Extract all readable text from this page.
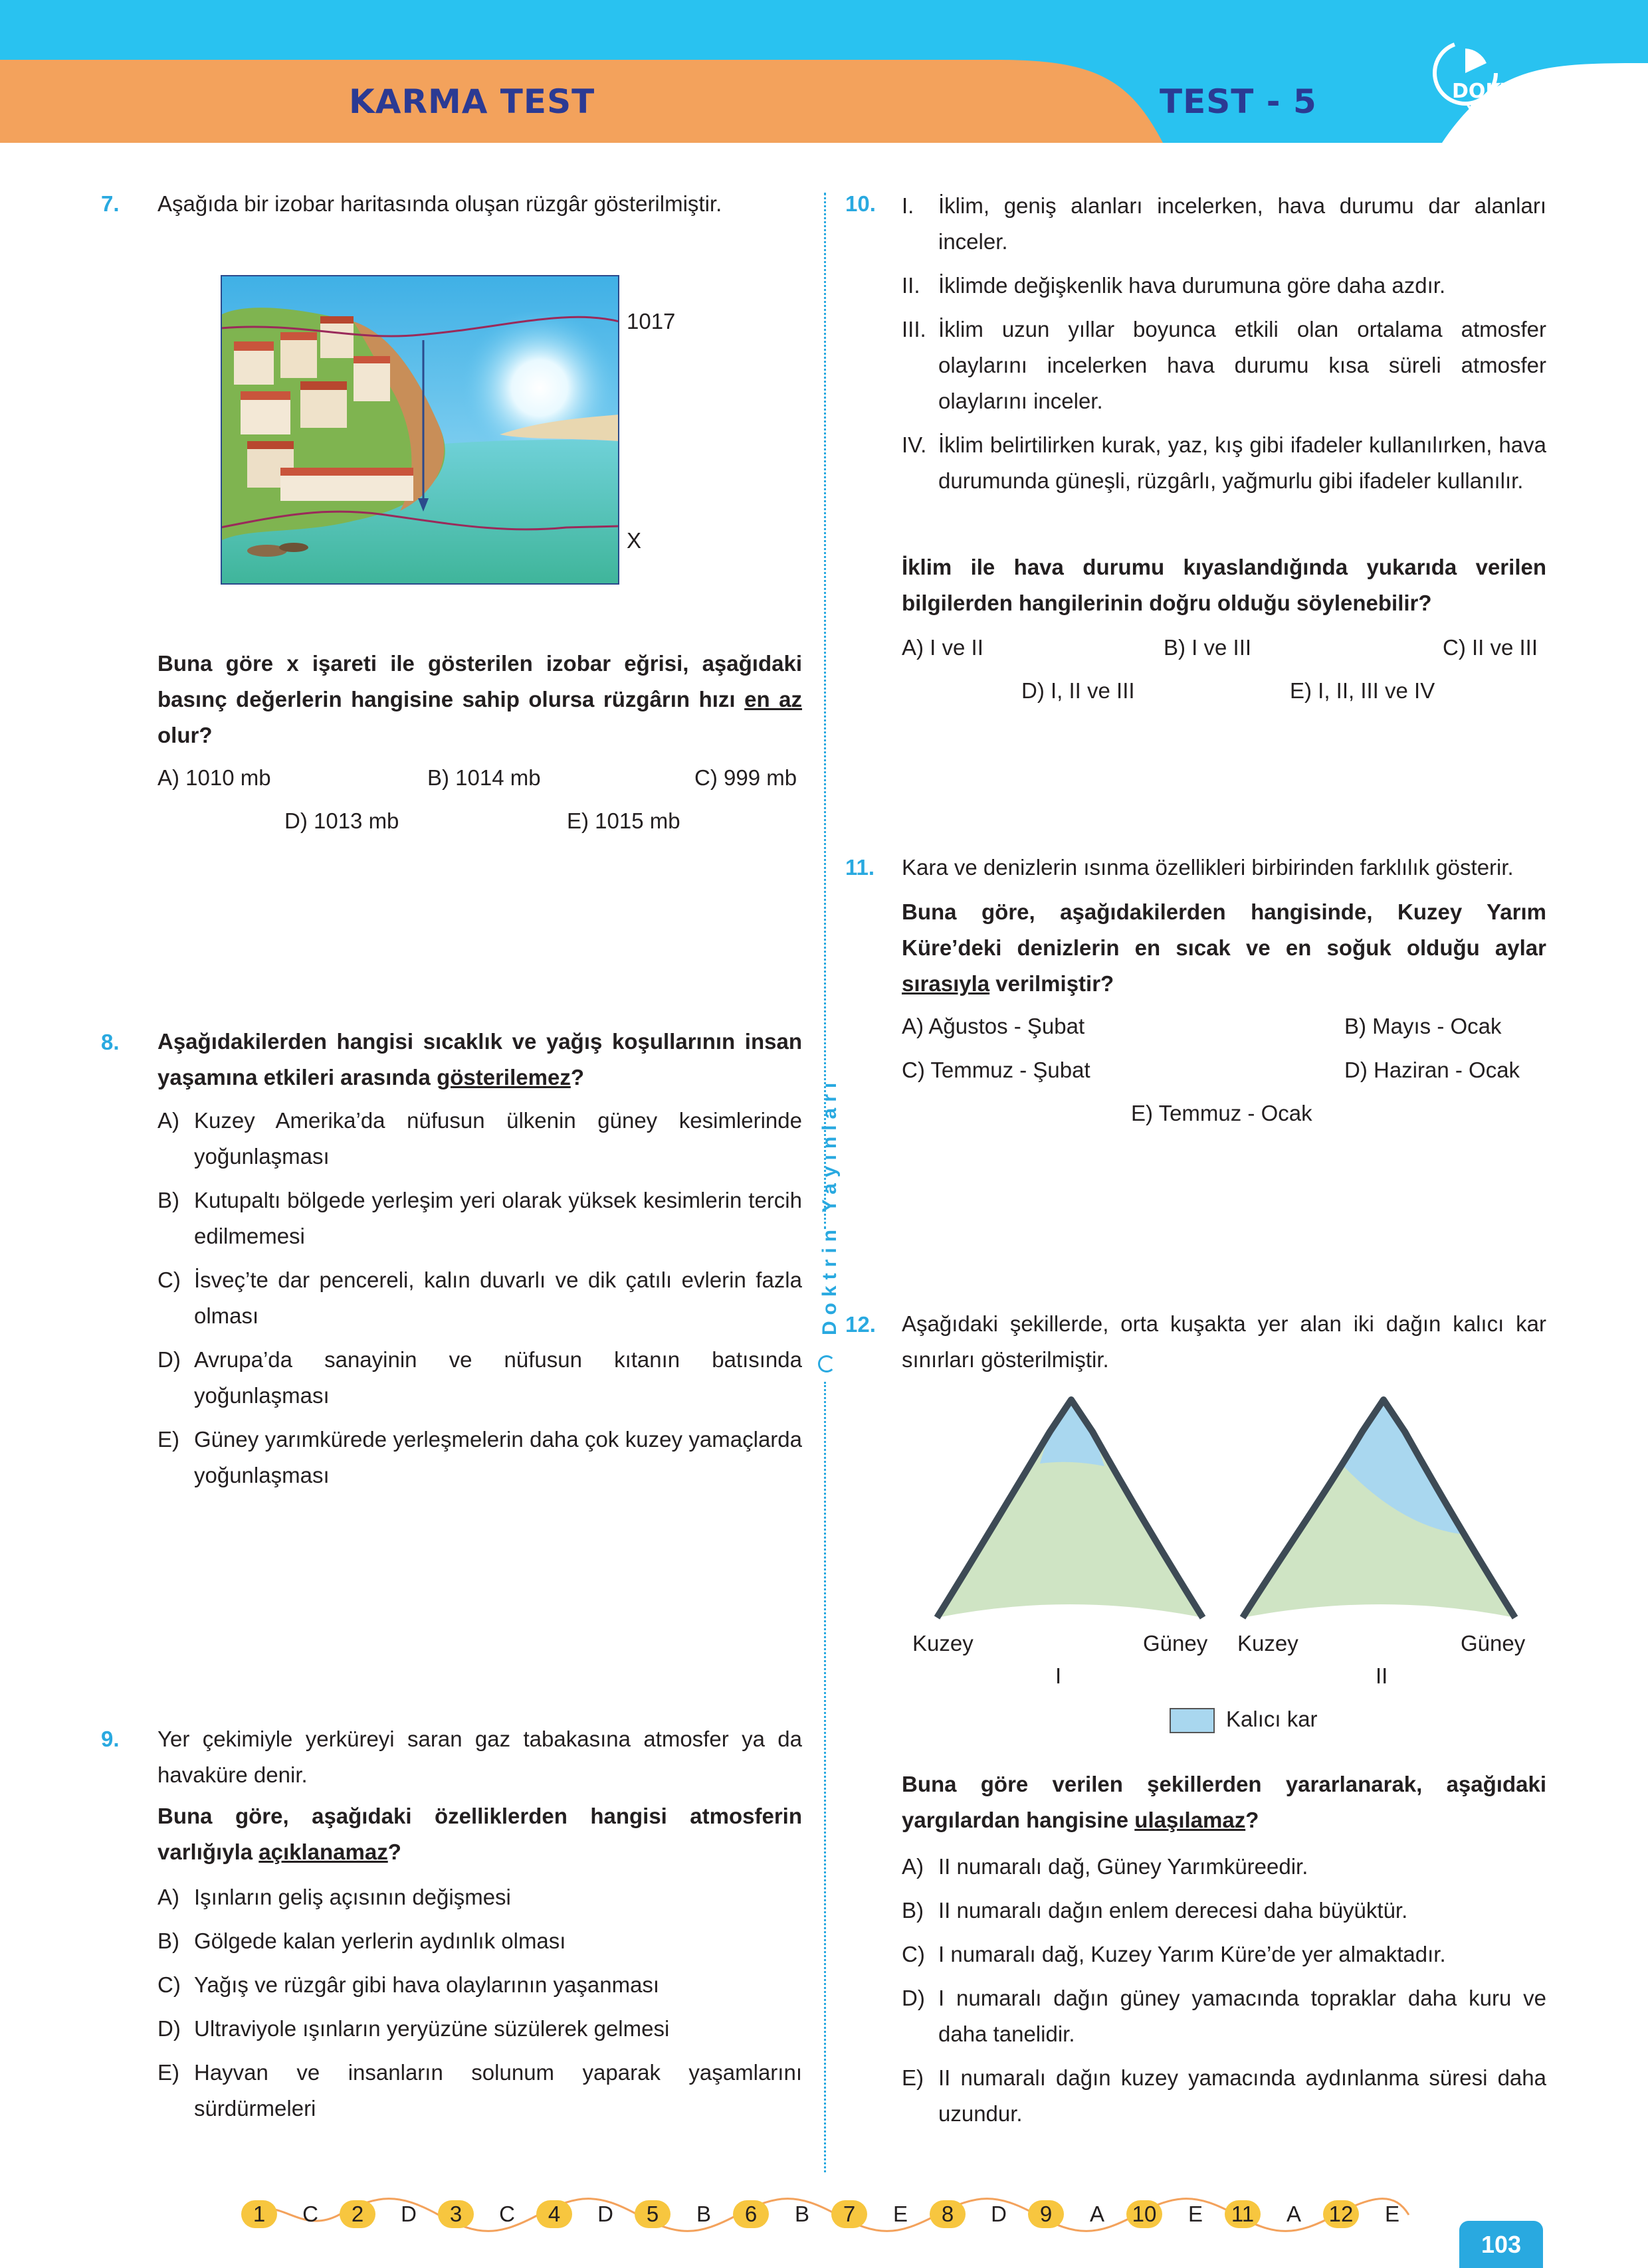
KARMA TEST	TEST - 5	DOKTRIN
YAYINLARI
Doktrin Yayınları
7. Aşağıda bir izobar haritasında oluşan rüzgâr gösterilmiştir.
1017
X
Buna göre x işareti ile gösterilen izobar eğrisi, aşağıdaki basınç değerlerin hangisine sahip olursa rüzgârın hızı en az olur?
A) 1010 mb	B) 1014 mb	C) 999 mb
D) 1013 mb	E) 1015 mb
8. Aşağıdakilerden hangisi sıcaklık ve yağış koşullarının insan yaşamına etkileri arasında gösterilemez?
A) Kuzey Amerika’da nüfusun ülkenin güney kesimlerinde yoğunlaşması
B) Kutupaltı bölgede yerleşim yeri olarak yüksek kesimlerin tercih edilmemesi
C) İsveç’te dar pencereli, kalın duvarlı ve dik çatılı evlerin fazla olması
D) Avrupa’da sanayinin ve nüfusun kıtanın batısında yoğunlaşması
E) Güney yarımkürede yerleşmelerin daha çok kuzey yamaçlarda yoğunlaşması
9. Yer çekimiyle yerküreyi saran gaz tabakasına atmosfer ya da havaküre denir.
Buna göre, aşağıdaki özelliklerden hangisi atmosferin varlığıyla açıklanamaz?
A) Işınların geliş açısının değişmesi
B) Gölgede kalan yerlerin aydınlık olması
C) Yağış ve rüzgâr gibi hava olaylarının yaşanması
D) Ultraviyole ışınların yeryüzüne süzülerek gelmesi
E) Hayvan ve insanların solunum yaparak yaşamlarını sürdürmeleri
10. I. İklim, geniş alanları incelerken, hava durumu dar alanları inceler.
II. İklimde değişkenlik hava durumuna göre daha azdır.
III. İklim uzun yıllar boyunca etkili olan ortalama atmosfer olaylarını incelerken hava durumu kısa süreli atmosfer olaylarını inceler.
IV. İklim belirtilirken kurak, yaz, kış gibi ifadeler kullanılırken, hava durumunda güneşli, rüzgârlı, yağmurlu gibi ifadeler kullanılır.
İklim ile hava durumu kıyaslandığında yukarıda verilen bilgilerden hangilerinin doğru olduğu söylenebilir?
A) I ve II	B) I ve III	C) II ve III
D) I, II ve III	E) I, II, III ve IV
11. Kara ve denizlerin ısınma özellikleri birbirinden farklılık gösterir.
Buna göre, aşağıdakilerden hangisinde, Kuzey Yarım Küre’deki denizlerin en sıcak ve en soğuk olduğu aylar sırasıyla verilmiştir?
A) Ağustos - Şubat	B) Mayıs - Ocak
C) Temmuz - Şubat	D) Haziran - Ocak
E) Temmuz - Ocak
12. Aşağıdaki şekillerde, orta kuşakta yer alan iki dağın kalıcı kar sınırları gösterilmiştir.
Kuzey	Güney
I
Kuzey	Güney
II
Kalıcı kar
Buna göre verilen şekillerden yararlanarak, aşağıdaki yargılardan hangisine ulaşılamaz?
A) II numaralı dağ, Güney Yarımküreedir.
B) II numaralı dağın enlem derecesi daha büyüktür.
C) I numaralı dağ, Kuzey Yarım Küre’de yer almaktadır.
D) I numaralı dağın güney yamacında topraklar daha kuru ve daha tanelidir.
E) II numaralı dağın kuzey yamacında aydınlanma süresi daha uzundur.
1	C	2	D	3	C	4	D	5	B	6	B	7	E	8	D	9	A	10	E	11	A	12	E
103
